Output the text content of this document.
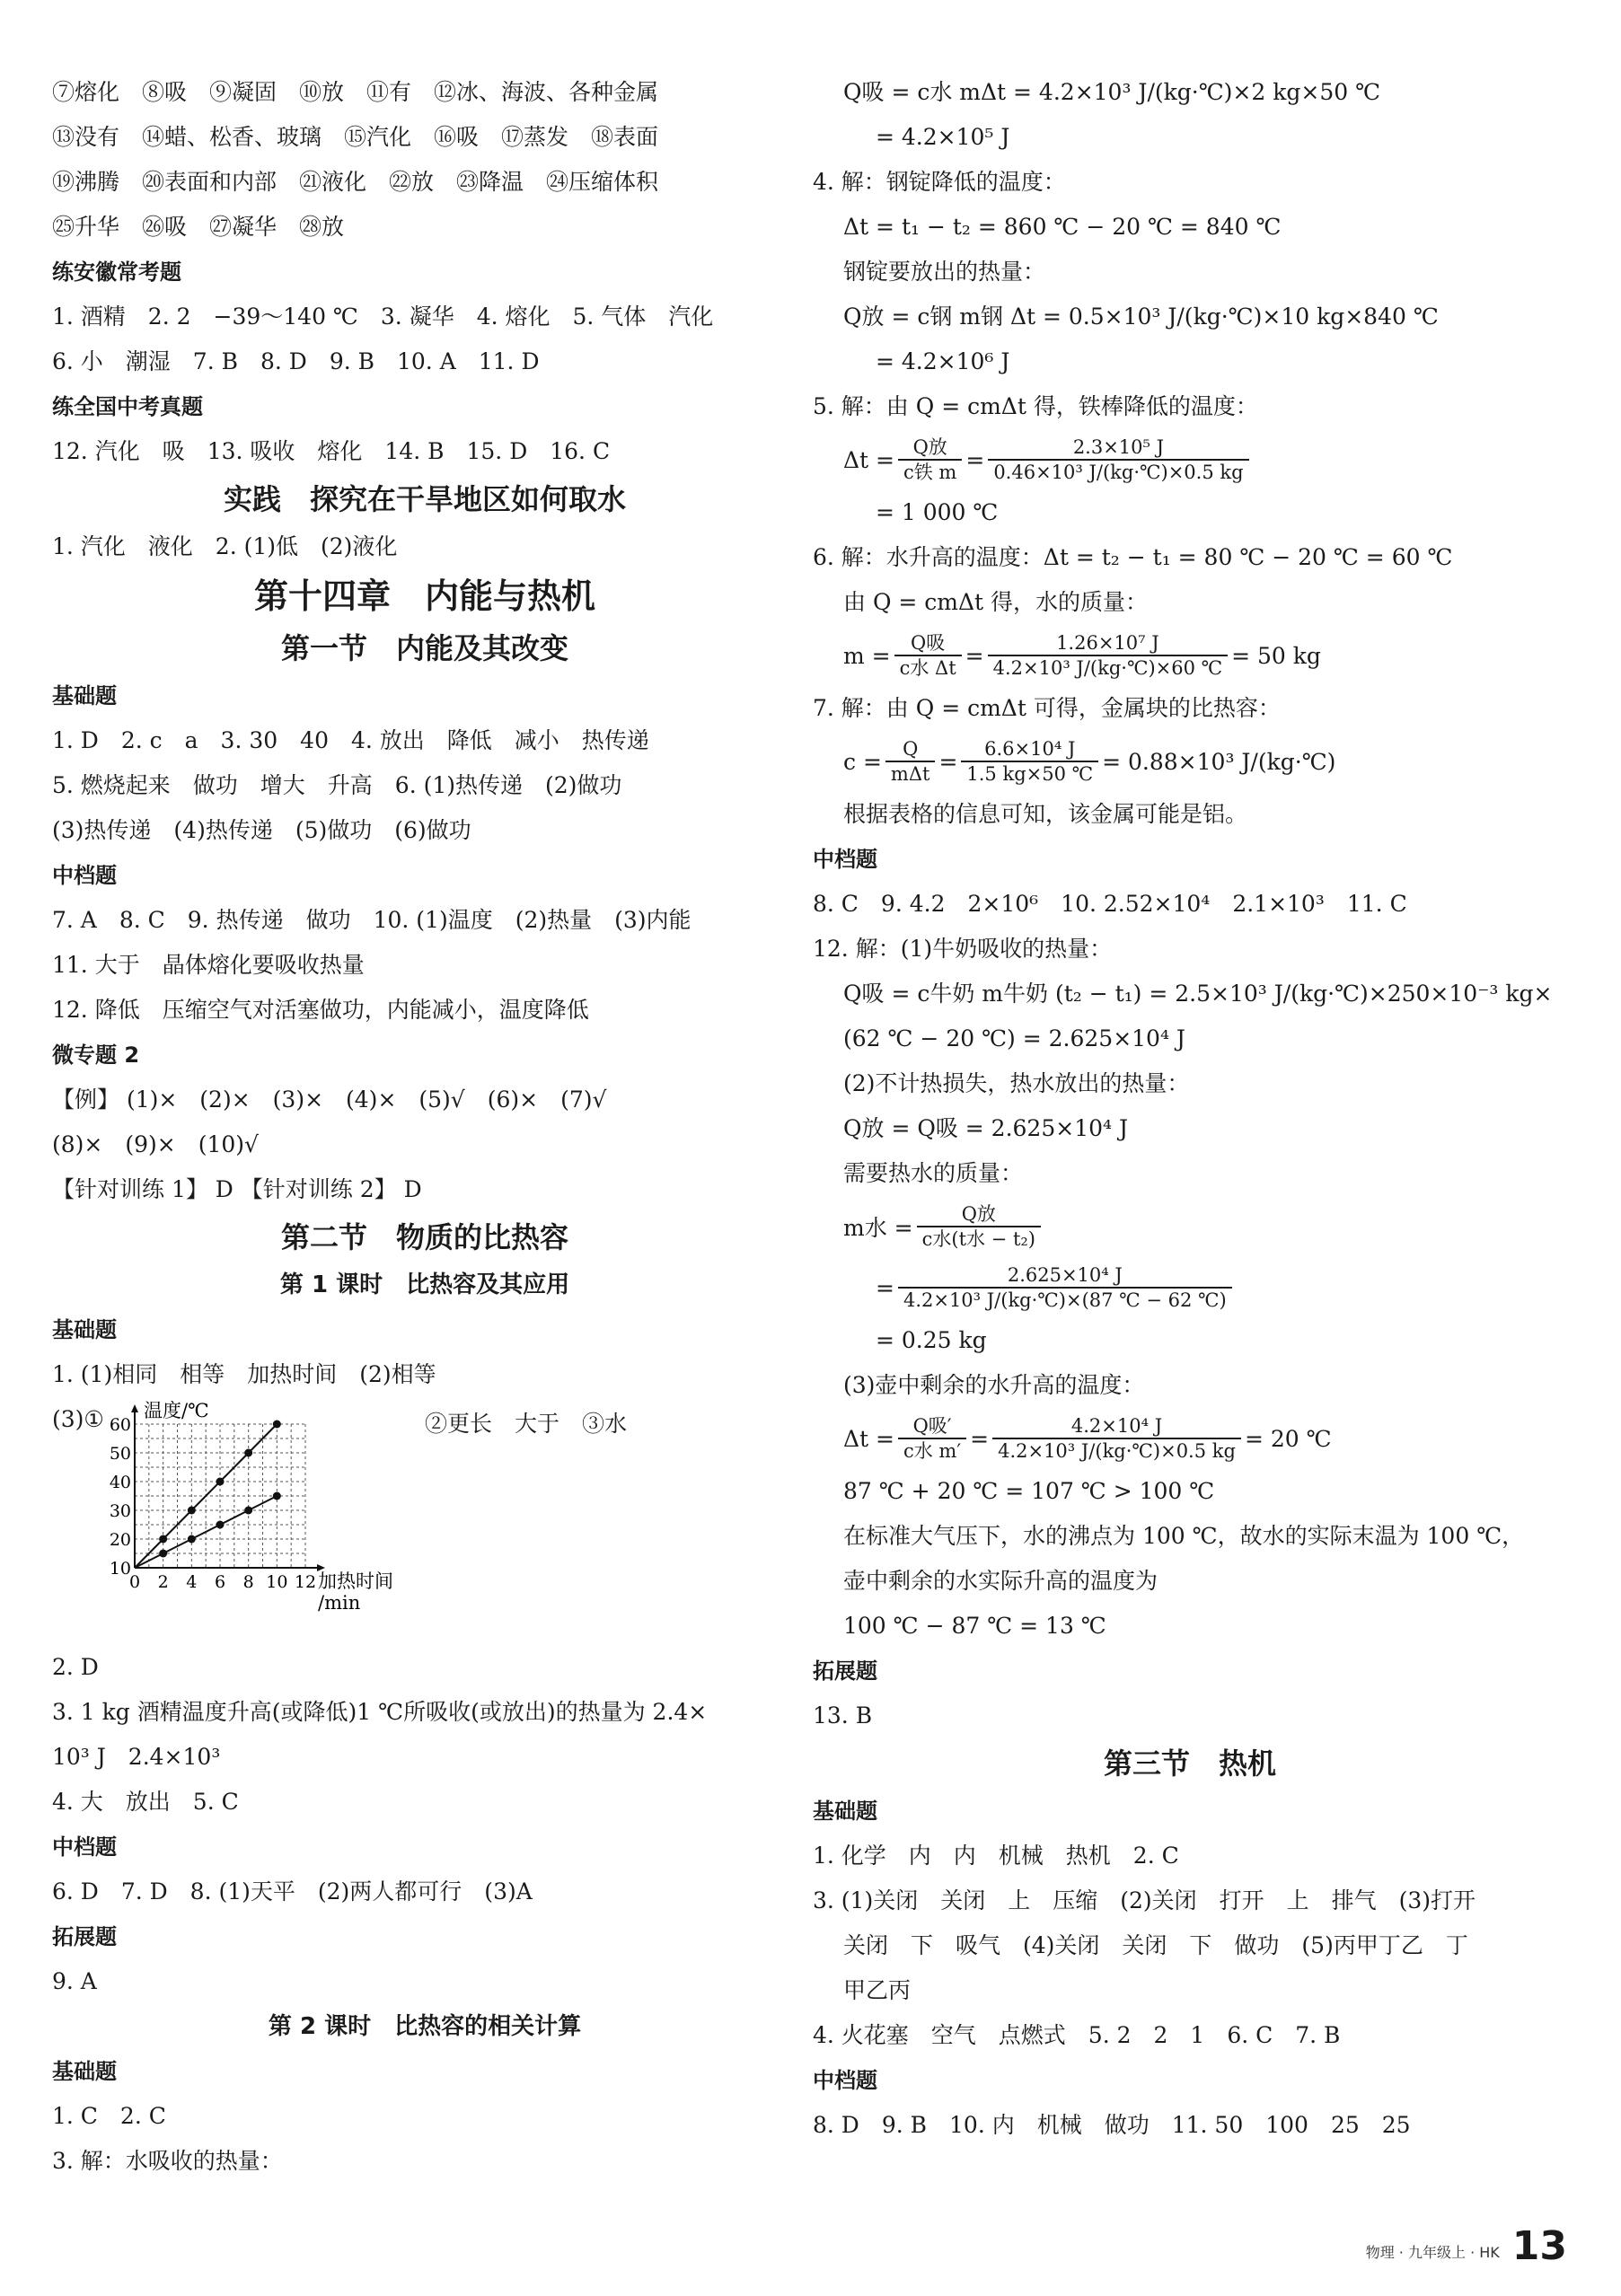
⑦熔化　⑧吸　⑨凝固　⑩放　⑪有　⑫冰、海波、各种金属
⑬没有　⑭蜡、松香、玻璃　⑮汽化　⑯吸　⑰蒸发　⑱表面
⑲沸腾　⑳表面和内部　㉑液化　㉒放　㉓降温　㉔压缩体积
㉕升华　㉖吸　㉗凝华　㉘放
练安徽常考题
1. 酒精　2. 2　−39～140 ℃　3. 凝华　4. 熔化　5. 气体　汽化
6. 小　潮湿　7. B　8. D　9. B　10. A　11. D
练全国中考真题
12. 汽化　吸　13. 吸收　熔化　14. B　15. D　16. C
实践　探究在干旱地区如何取水
1. 汽化　液化　2. (1)低　(2)液化
第十四章　内能与热机
第一节　内能及其改变
基础题
1. D　2. c　a　3. 30　40　4. 放出　降低　减小　热传递
5. 燃烧起来　做功　增大　升高　6. (1)热传递　(2)做功
(3)热传递　(4)热传递　(5)做功　(6)做功
中档题
7. A　8. C　9. 热传递　做功　10. (1)温度　(2)热量　(3)内能
11. 大于　晶体熔化要吸收热量
12. 降低　压缩空气对活塞做功，内能减小，温度降低
微专题 2
【例】 (1)×　(2)×　(3)×　(4)×　(5)√　(6)×　(7)√
(8)×　(9)×　(10)√
【针对训练 1】 D 【针对训练 2】 D
第二节　物质的比热容
第 1 课时　比热容及其应用
基础题
1. (1)相同　相等　加热时间　(2)相等
(3)①	②更长　大于　③水
0 2 4 6 8 10 12
10
20
30
40
50
60
温度/℃
加热时间
/min
2. D
3. 1 kg 酒精温度升高(或降低)1 ℃所吸收(或放出)的热量为 2.4×
10³ J　2.4×10³
4. 大　放出　5. C
中档题
6. D　7. D　8. (1)天平　(2)两人都可行　(3)A
拓展题
9. A
第 2 课时　比热容的相关计算
基础题
1. C　2. C
3. 解：水吸收的热量：
Q吸 = c水 mΔt = 4.2×10³ J/(kg·℃)×2 kg×50 ℃
= 4.2×10⁵ J
4. 解：钢锭降低的温度：
Δt = t₁ − t₂ = 860 ℃ − 20 ℃ = 840 ℃
钢锭要放出的热量：
Q放 = c钢 m钢 Δt = 0.5×10³ J/(kg·℃)×10 kg×840 ℃
= 4.2×10⁶ J
5. 解：由 Q = cmΔt 得，铁棒降低的温度：
$\Delta t = \frac{\text{Q放}}{\text{c铁 m}} = \frac{\text{2.3×10⁵ J}}{\text{0.46×10³ J/(kg·℃)×0.5 kg}}$
= 1 000 ℃
6. 解：水升高的温度：Δt = t₂ − t₁ = 80 ℃ − 20 ℃ = 60 ℃
由 Q = cmΔt 得，水的质量：
$m = \frac{\text{Q吸}}{\text{c水 Δt}} = \frac{\text{1.26×10⁷ J}}{\text{4.2×10³ J/(kg·℃)×60 ℃}} = 50$ kg
7. 解：由 Q = cmΔt 可得，金属块的比热容：
$c = \frac{Q}{\text{mΔt}} = \frac{\text{6.6×10⁴ J}}{1.5 kg\times 50 ℃} = 0.88\times 10^3$ J/(kg·℃)
根据表格的信息可知，该金属可能是铝。
中档题
8. C　9. 4.2　2×10⁶　10. 2.52×10⁴　2.1×10³　11. C
12. 解：(1)牛奶吸收的热量：
Q吸 = c牛奶 m牛奶 (t₂ − t₁) = 2.5×10³ J/(kg·℃)×250×10⁻³ kg×
(62 ℃ − 20 ℃) = 2.625×10⁴ J
(2)不计热损失，热水放出的热量：
Q放 = Q吸 = 2.625×10⁴ J
需要热水的质量：
m水 = $\frac{\text{Q放}}{\text{c水(t水 − t₂)}}$
= $\frac{\text{2.625×10⁴ J}}{\text{4.2×10³ J/(kg·℃)×(87 ℃ − 62 ℃)}}$
= 0.25 kg
(3)壶中剩余的水升高的温度：
$\Delta t = \frac{\text{Q吸′}}{\text{c水 m′}} = \frac{\text{4.2×10⁴ J}}{\text{4.2×10³ J/(kg·℃)×0.5 kg}} = 20$ ℃
87 ℃ + 20 ℃ = 107 ℃ > 100 ℃
在标准大气压下，水的沸点为 100 ℃，故水的实际末温为 100 ℃，
壶中剩余的水实际升高的温度为
100 ℃ − 87 ℃ = 13 ℃
拓展题
13. B
第三节　热机
基础题
1. 化学　内　内　机械　热机　2. C
3. (1)关闭　关闭　上　压缩　(2)关闭　打开　上　排气　(3)打开
关闭　下　吸气　(4)关闭　关闭　下　做功　(5)丙甲丁乙　丁
甲乙丙
4. 火花塞　空气　点燃式　5. 2　2　1　6. C　7. B
中档题
8. D　9. B　10. 内　机械　做功　11. 50　100　25　25
物理 · 九年级上 · HK 13
